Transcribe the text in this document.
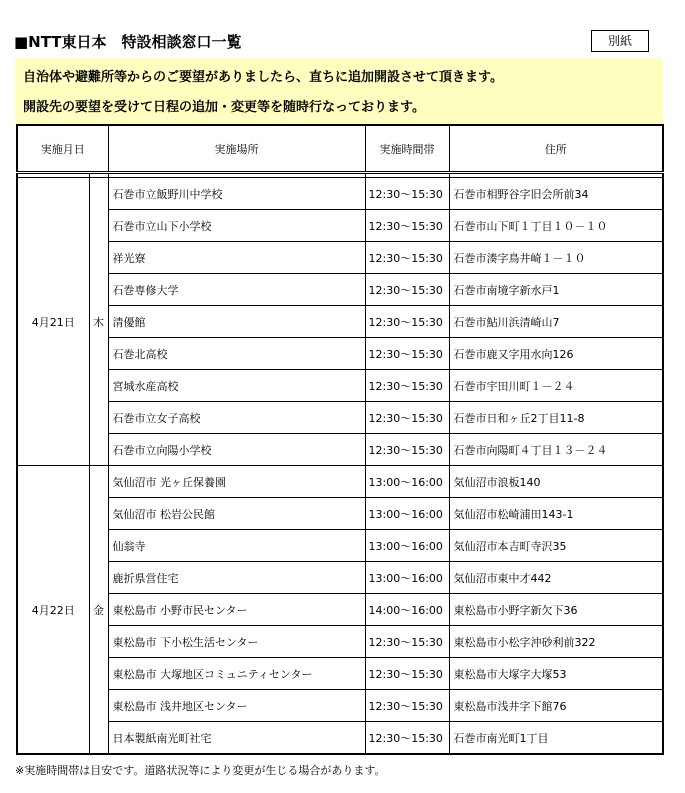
■NTT東日本　特設相談窓口一覧	別紙
自治体や避難所等からのご要望がありましたら、直ちに追加開設させて頂きます。
開設先の要望を受けて日程の追加・変更等を随時行なっております。
実施月日		実施場所	実施時間帯	住所

4月21日	木	石巻市立飯野川中学校	12:30～15:30	石巻市相野谷字旧会所前34
		石巻市立山下小学校	12:30～15:30	石巻市山下町１丁目１０－１０
		祥光寮	12:30～15:30	石巻市湊字鳥井崎１－１０
		石巻専修大学	12:30～15:30	石巻市南境字新水戸1
		清優館	12:30～15:30	石巻市鮎川浜清崎山7
		石巻北高校	12:30～15:30	石巻市鹿又字用水向126
		宮城水産高校	12:30～15:30	石巻市宇田川町１－２４
		石巻市立女子高校	12:30～15:30	石巻市日和ヶ丘2丁目11-8
		石巻市立向陽小学校	12:30～15:30	石巻市向陽町４丁目１３－２４
4月22日	金	気仙沼市 光ヶ丘保養園	13:00～16:00	気仙沼市浪板140
		気仙沼市 松岩公民館	13:00～16:00	気仙沼市松崎浦田143-1
		仙翁寺	13:00～16:00	気仙沼市本吉町寺沢35
		鹿折県営住宅	13:00～16:00	気仙沼市東中才442
		東松島市 小野市民センター	14:00～16:00	東松島市小野字新欠下36
		東松島市 下小松生活センター	12:30～15:30	東松島市小松字沖砂利前322
		東松島市 大塚地区コミュニティセンター	12:30～15:30	東松島市大塚字大塚53
		東松島市 浅井地区センター	12:30～15:30	東松島市浅井字下館76
		日本製紙南光町社宅	12:30～15:30	石巻市南光町1丁目
※実施時間帯は目安です。道路状況等により変更が生じる場合があります。
